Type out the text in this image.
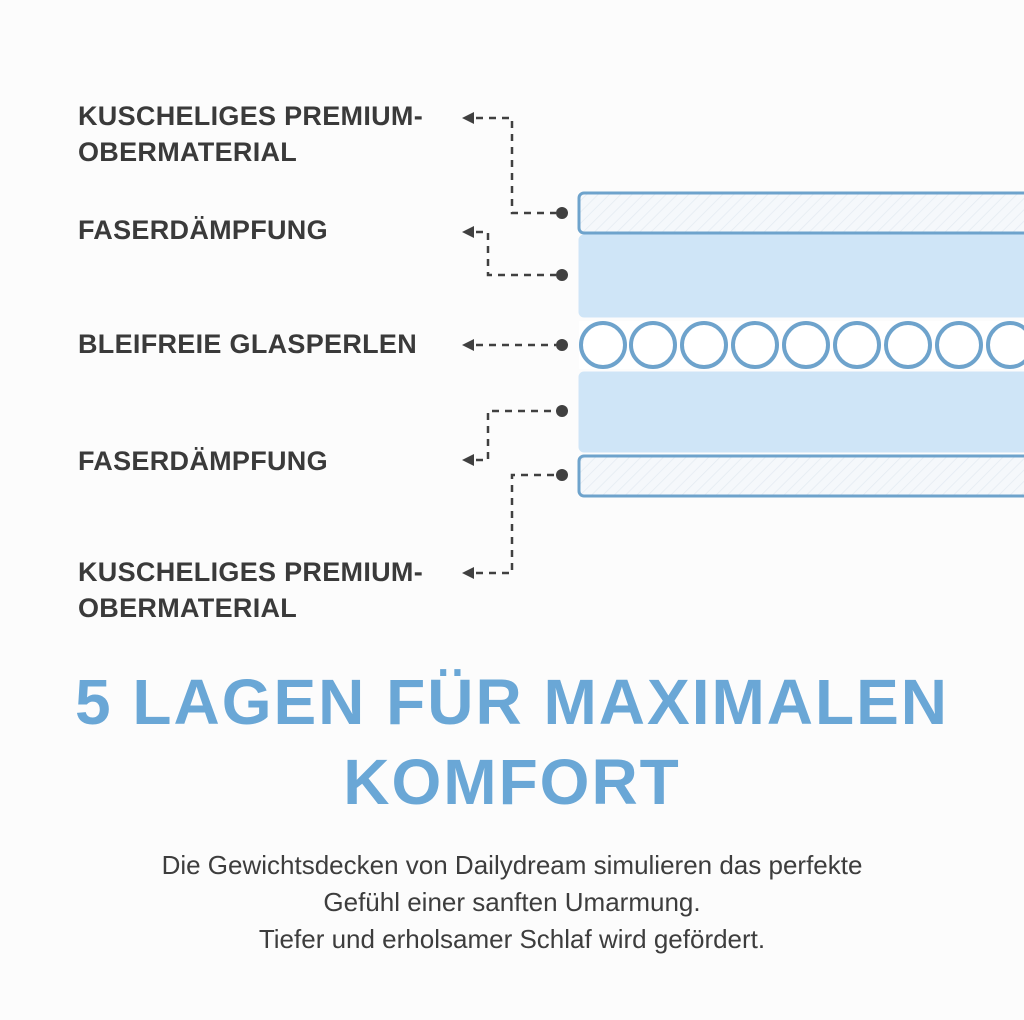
KUSCHELIGES PREMIUM-
OBERMATERIAL
FASERDÄMPFUNG
BLEIFREIE GLASPERLEN
FASERDÄMPFUNG
KUSCHELIGES PREMIUM-
OBERMATERIAL
5 LAGEN FÜR MAXIMALEN
KOMFORT
Die Gewichtsdecken von Dailydream simulieren das perfekte
Gefühl einer sanften Umarmung.
Tiefer und erholsamer Schlaf wird gefördert.
